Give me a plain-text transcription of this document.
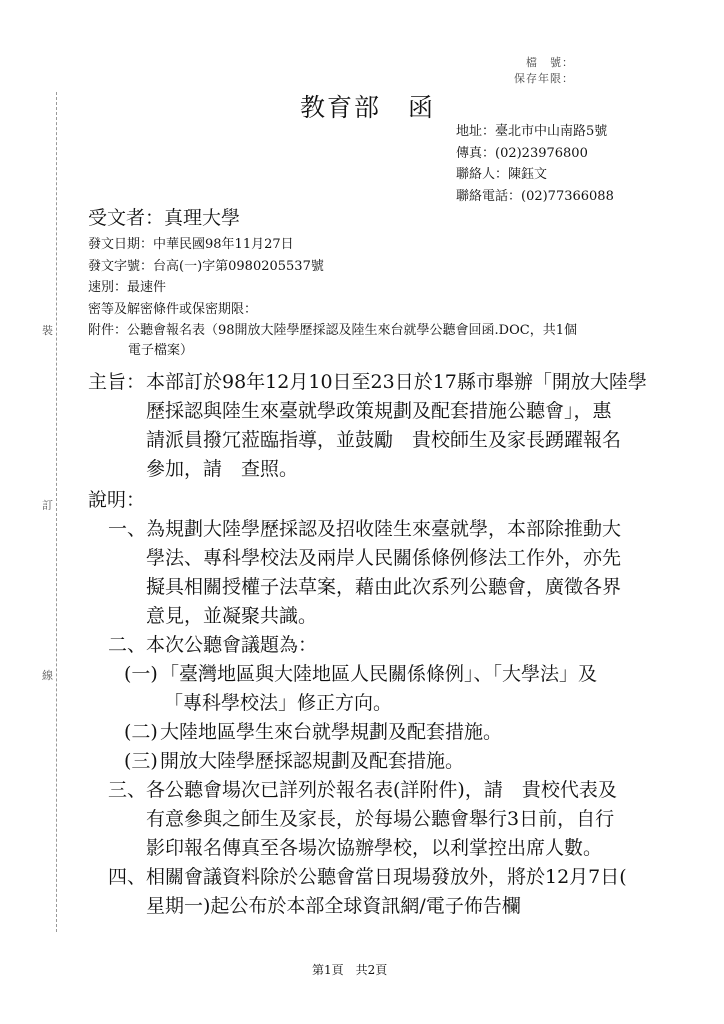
裝
訂
線
檔　號：
保存年限：
教育部　函
地址：臺北市中山南路5號
傳真：(02)23976800
聯絡人：陳鈺文
聯絡電話：(02)77366088
受文者：真理大學
發文日期：中華民國98年11月27日
發文字號：台高(一)字第0980205537號
速別：最速件
密等及解密條件或保密期限：
附件：公聽會報名表（98開放大陸學歷採認及陸生來台就學公聽會回函.DOC，共1個
電子檔案）
主旨： 本部訂於98年12月10日至23日於17縣市舉辦「開放大陸學
歷採認與陸生來臺就學政策規劃及配套措施公聽會」，惠
請派員撥冗蒞臨指導，並鼓勵　貴校師生及家長踴躍報名
參加，請　查照。
說明：
一、 為規劃大陸學歷採認及招收陸生來臺就學，本部除推動大
學法、專科學校法及兩岸人民關係條例修法工作外，亦先
擬具相關授權子法草案，藉由此次系列公聽會，廣徵各界
意見，並凝聚共識。
二、 本次公聽會議題為：
(一) 「臺灣地區與大陸地區人民關係條例」、「大學法」及
「專科學校法」修正方向。
(二) 大陸地區學生來台就學規劃及配套措施。
(三) 開放大陸學歷採認規劃及配套措施。
三、 各公聽會場次已詳列於報名表(詳附件)，請　貴校代表及
有意參與之師生及家長，於每場公聽會舉行3日前，自行
影印報名傳真至各場次協辦學校，以利掌控出席人數。
四、 相關會議資料除於公聽會當日現場發放外，將於12月7日(
星期一)起公布於本部全球資訊網/電子佈告欄
第1頁　共2頁
